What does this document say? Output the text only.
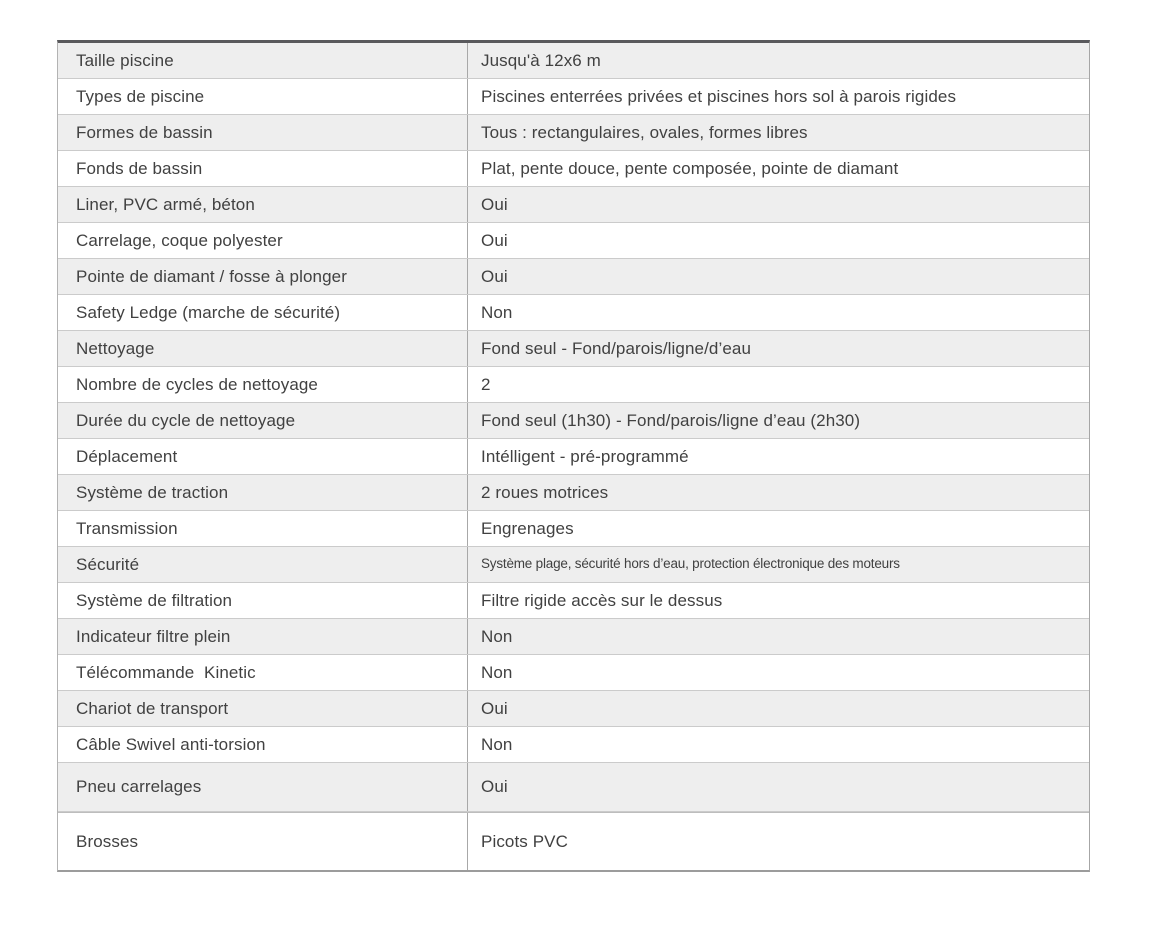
Taille piscine	Jusqu'à 12x6 m
Types de piscine	Piscines enterrées privées et piscines hors sol à parois rigides
Formes de bassin	Tous : rectangulaires, ovales, formes libres
Fonds de bassin	Plat, pente douce, pente composée, pointe de diamant
Liner, PVC armé, béton	Oui
Carrelage, coque polyester	Oui
Pointe de diamant / fosse à plonger	Oui
Safety Ledge (marche de sécurité)	Non
Nettoyage	Fond seul - Fond/parois/ligne/d’eau
Nombre de cycles de nettoyage	2
Durée du cycle de nettoyage	Fond seul (1h30) - Fond/parois/ligne d’eau (2h30)
Déplacement	Intélligent - pré-programmé
Système de traction	2 roues motrices
Transmission	Engrenages
Sécurité	Système plage, sécurité hors d’eau, protection électronique des moteurs
Système de filtration	Filtre rigide accès sur le dessus
Indicateur filtre plein	Non
Télécommande  Kinetic	Non
Chariot de transport	Oui
Câble Swivel anti-torsion	Non
Pneu carrelages	Oui
Brosses	Picots PVC
